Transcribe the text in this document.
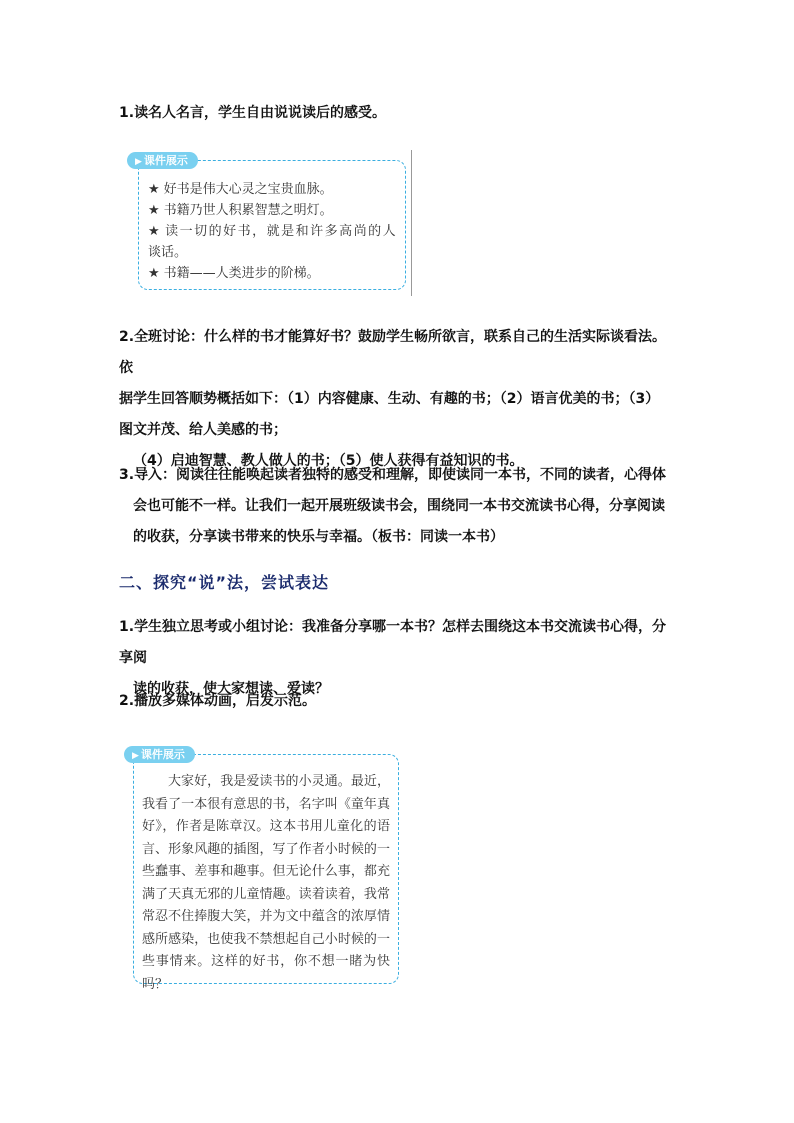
1.读名人名言，学生自由说说读后的感受。
▶ 课件展示
★ 好书是伟大心灵之宝贵血脉。
★ 书籍乃世人积累智慧之明灯。
★ 读一切的好书，就是和许多高尚的人
谈话。
★ 书籍——人类进步的阶梯。
2.全班讨论：什么样的书才能算好书？鼓励学生畅所欲言，联系自己的生活实际谈看法。依
据学生回答顺势概括如下：（1）内容健康、生动、有趣的书；（2）语言优美的书；（3）
图文并茂、给人美感的书；
（4）启迪智慧、教人做人的书；（5）使人获得有益知识的书。
3.导入：阅读往往能唤起读者独特的感受和理解，即使读同一本书，不同的读者，心得体
会也可能不一样。让我们一起开展班级读书会，围绕同一本书交流读书心得，分享阅读
的收获，分享读书带来的快乐与幸福。（板书：同读一本书）
二、探究“说”法，尝试表达
1.学生独立思考或小组讨论：我准备分享哪一本书？怎样去围绕这本书交流读书心得，分享阅
读的收获，使大家想读、爱读？
2.播放多媒体动画，启发示范。
▶ 课件展示
大家好，我是爱读书的小灵通。最近，我看了一本很有意思的书，名字叫《童年真好》，作者是陈章汉。这本书用儿童化的语言、形象风趣的插图，写了作者小时候的一些蠢事、差事和趣事。但无论什么事，都充满了天真无邪的儿童情趣。读着读着，我常常忍不住捧腹大笑，并为文中蕴含的浓厚情感所感染，也使我不禁想起自己小时候的一些事情来。这样的好书，你不想一睹为快吗？
